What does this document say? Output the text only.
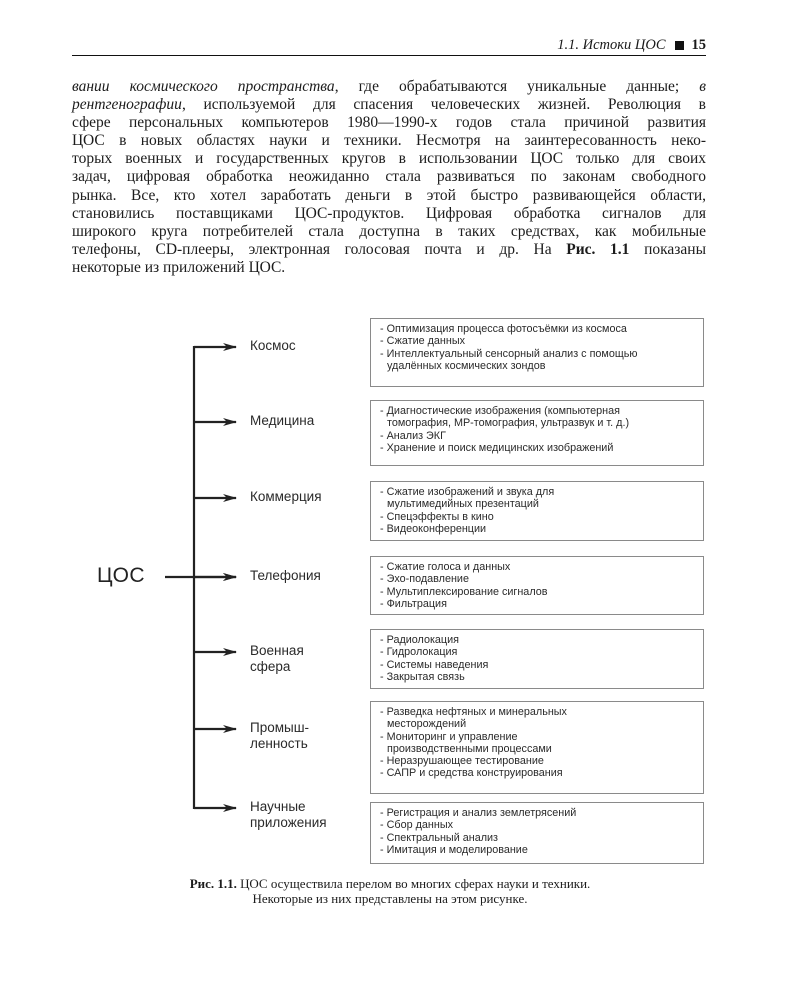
1.1. Истоки ЦОС 15
вании космического пространства, где обрабатываются уникальные данные; в
рентгенографии, используемой для спасения человеческих жизней. Революция в
сфере персональных компьютеров 1980—1990-х годов стала причиной развития
ЦОС в новых областях науки и техники. Несмотря на заинтересованность неко-
торых военных и государственных кругов в использовании ЦОС только для своих
задач, цифровая обработка неожиданно стала развиваться по законам свободного
рынка. Все, кто хотел заработать деньги в этой быстро развивающейся области,
становились поставщиками ЦОС-продуктов. Цифровая обработка сигналов для
широкого круга потребителей стала доступна в таких средствах, как мобильные
телефоны, CD-плееры, электронная голосовая почта и др. На Рис. 1.1 показаны
некоторые из приложений ЦОС.
ЦОС
Космос
- Оптимизация процесса фотосъёмки из космоса
- Сжатие данных
- Интеллектуальный сенсорный анализ с помощью
удалённых космических зондов
Медицина
- Диагностические изображения (компьютерная
томография, МР-томография, ультразвук и т. д.)
- Анализ ЭКГ
- Хранение и поиск медицинских изображений
Коммерция	- Сжатие изображений и звука для
мультимедийных презентаций
- Спецэффекты в кино
- Видеоконференции
Телефония
- Сжатие голоса и данных
- Эхо-подавление
- Мультиплексирование сигналов
- Фильтрация
Военная
сфера
- Радиолокация
- Гидролокация
- Системы наведения
- Закрытая связь
Промыш-
ленность
- Разведка нефтяных и минеральных
месторождений
- Мониторинг и управление
производственными процессами
- Неразрушающее тестирование
- САПР и средства конструирования
Научные
приложения
- Регистрация и анализ землетрясений
- Сбор данных
- Спектральный анализ
- Имитация и моделирование
Рис. 1.1. ЦОС осуществила перелом во многих сферах науки и техники.
Некоторые из них представлены на этом рисунке.
